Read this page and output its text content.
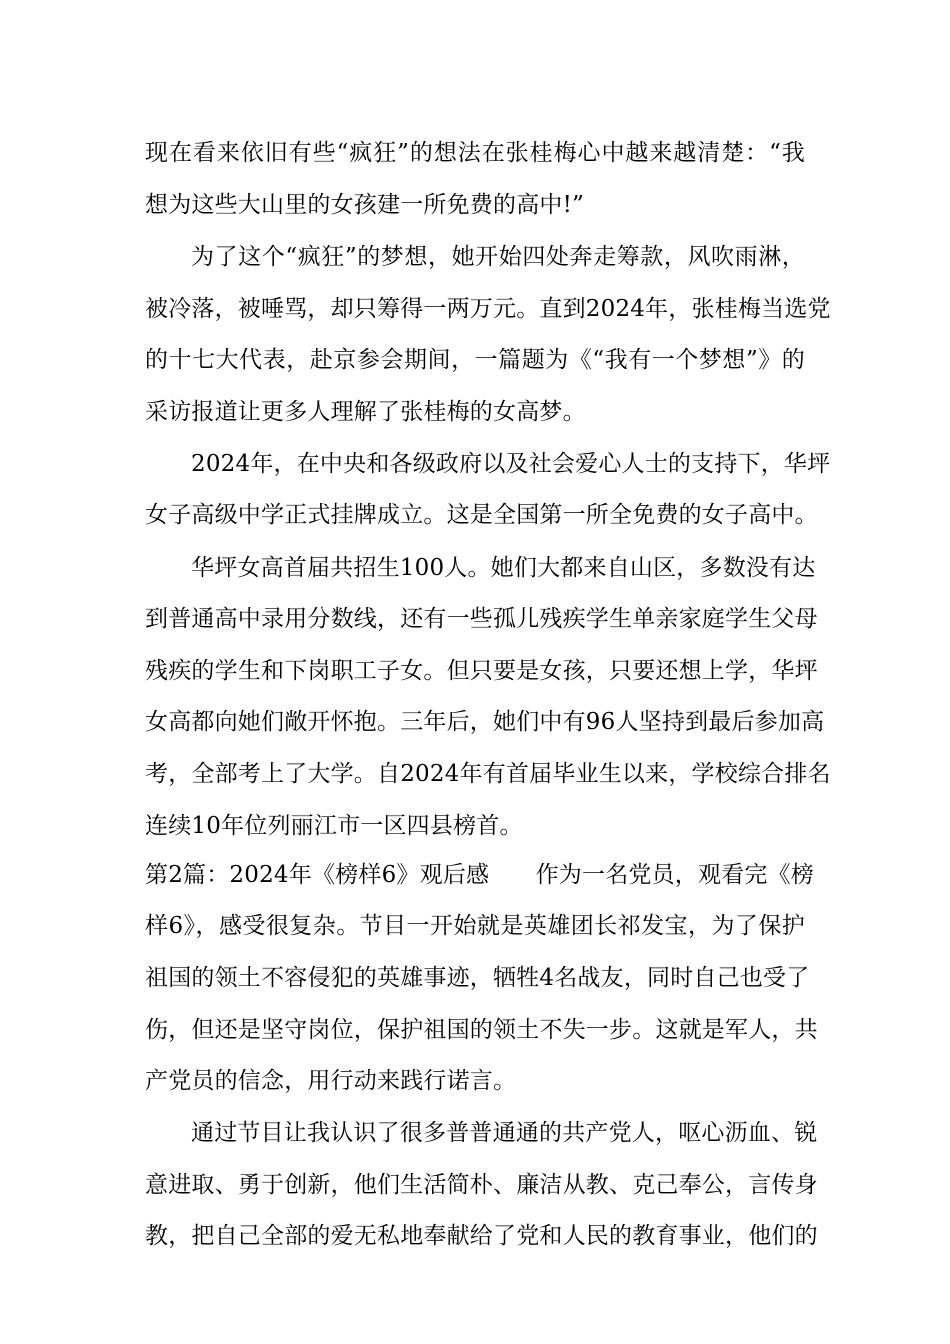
现在看来依旧有些“疯狂”的想法在张桂梅心中越来越清楚：“我
想为这些大山里的女孩建一所免费的高中!”
为了这个“疯狂”的梦想，她开始四处奔走筹款，风吹雨淋，
被冷落，被唾骂，却只筹得一两万元。直到2024年，张桂梅当选党
的十七大代表，赴京参会期间，一篇题为《“我有一个梦想”》的
采访报道让更多人理解了张桂梅的女高梦。
2024年，在中央和各级政府以及社会爱心人士的支持下，华坪
女子高级中学正式挂牌成立。这是全国第一所全免费的女子高中。
华坪女高首届共招生100人。她们大都来自山区，多数没有达
到普通高中录用分数线，还有一些孤儿残疾学生单亲家庭学生父母
残疾的学生和下岗职工子女。但只要是女孩，只要还想上学，华坪
女高都向她们敞开怀抱。三年后，她们中有96人坚持到最后参加高
考，全部考上了大学。自2024年有首届毕业生以来，学校综合排名
连续10年位列丽江市一区四县榜首。
第2篇：2024年《榜样6》观后感　　作为一名党员，观看完《榜
样6》，感受很复杂。节目一开始就是英雄团长祁发宝，为了保护
祖国的领土不容侵犯的英雄事迹，牺牲4名战友，同时自己也受了
伤，但还是坚守岗位，保护祖国的领土不失一步。这就是军人，共
产党员的信念，用行动来践行诺言。
通过节目让我认识了很多普普通通的共产党人，呕心沥血、锐
意进取、勇于创新，他们生活简朴、廉洁从教、克己奉公，言传身
教，把自己全部的爱无私地奉献给了党和人民的教育事业，他们的
